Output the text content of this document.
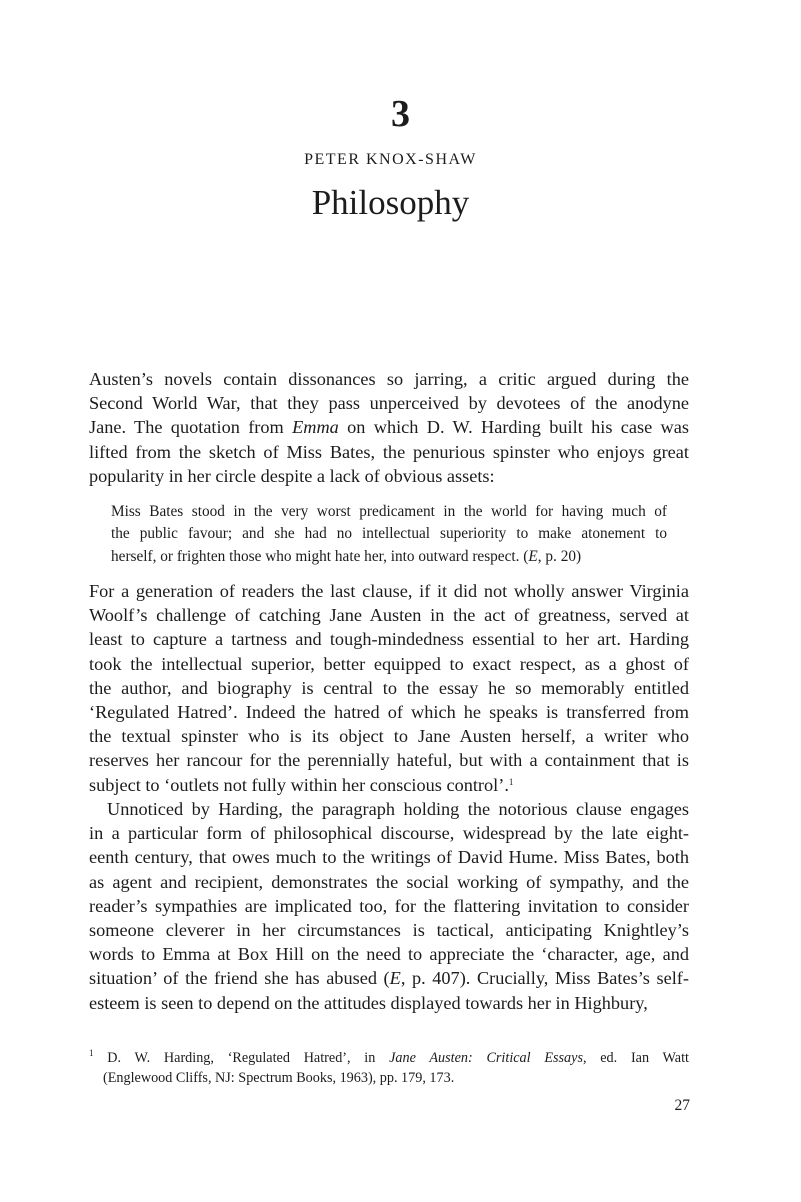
3
PETER KNOX-SHAW
Philosophy
Austen’s novels contain dissonances so jarring, a critic argued during the
Second World War, that they pass unperceived by devotees of the anodyne
Jane. The quotation from Emma on which D. W. Harding built his case was
lifted from the sketch of Miss Bates, the penurious spinster who enjoys great
popularity in her circle despite a lack of obvious assets:
Miss Bates stood in the very worst predicament in the world for having much of
the public favour; and she had no intellectual superiority to make atonement to
herself, or frighten those who might hate her, into outward respect. (E, p. 20)
For a generation of readers the last clause, if it did not wholly answer Virginia
Woolf’s challenge of catching Jane Austen in the act of greatness, served at
least to capture a tartness and tough-mindedness essential to her art. Harding
took the intellectual superior, better equipped to exact respect, as a ghost of
the author, and biography is central to the essay he so memorably entitled
‘Regulated Hatred’. Indeed the hatred of which he speaks is transferred from
the textual spinster who is its object to Jane Austen herself, a writer who
reserves her rancour for the perennially hateful, but with a containment that is
subject to ‘outlets not fully within her conscious control’.$^1$
Unnoticed by Harding, the paragraph holding the notorious clause engages
in a particular form of philosophical discourse, widespread by the late eight-
eenth century, that owes much to the writings of David Hume. Miss Bates, both
as agent and recipient, demonstrates the social working of sympathy, and the
reader’s sympathies are implicated too, for the flattering invitation to consider
someone cleverer in her circumstances is tactical, anticipating Knightley’s
words to Emma at Box Hill on the need to appreciate the ‘character, age, and
situation’ of the friend she has abused (E, p. 407). Crucially, Miss Bates’s self-
esteem is seen to depend on the attitudes displayed towards her in Highbury,
$^1$ D. W. Harding, ‘Regulated Hatred’, in Jane Austen: Critical Essays, ed. Ian Watt
(Englewood Cliffs, NJ: Spectrum Books, 1963), pp. 179, 173.
27
